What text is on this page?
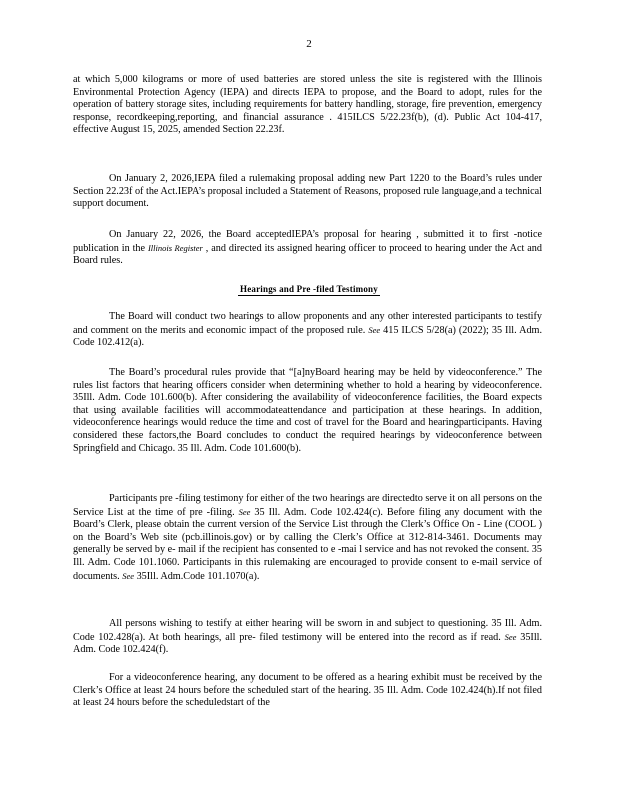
2

at which 5,000 kilograms or more of used batteries are stored unless the site is registered with the Illinois Environmental Protection Agency (IEPA) and directs IEPA to propose, and the Board to adopt, rules for the operation of battery storage sites, including requirements for battery handling, storage, fire prevention, emergency response, recordkeeping,reporting, and financial assurance . 415ILCS 5/22.23f(b), (d). Public Act 104-417, effective August 15, 2025, amended Section 22.23f.

On January 2, 2026,IEPA filed a rulemaking proposal adding new Part 1220 to the Board’s rules under Section 22.23f of the Act.IEPA’s proposal included a Statement of Reasons, proposed rule language,and a technical support document.

On January 22, 2026, the Board acceptedIEPA’s proposal for hearing , submitted it to first -notice publication in the Illinois Register , and directed its assigned hearing officer to proceed to hearing under the Act and Board rules.

Hearings and Pre -filed Testimony

The Board will conduct two hearings to allow proponents and any other interested participants to testify and comment on the merits and economic impact of the proposed rule. See 415 ILCS 5/28(a) (2022); 35 Ill. Adm. Code 102.412(a).

The Board’s procedural rules provide that “[a]nyBoard hearing may be held by videoconference.” The rules list factors that hearing officers consider when determining whether to hold a hearing by videoconference. 35Ill. Adm. Code 101.600(b). After considering the availability of videoconference facilities, the Board expects that using available facilities will accommodateattendance and participation at these hearings. In addition, videoconference hearings would reduce the time and cost of travel for the Board and hearingparticipants. Having considered these factors,the Board concludes to conduct the required hearings by videoconference between Springfield and Chicago. 35 Ill. Adm. Code 101.600(b).

Participants pre -filing testimony for either of the two hearings are directedto serve it on all persons on the Service List at the time of pre -filing. See 35 Ill. Adm. Code 102.424(c). Before filing any document with the Board’s Clerk, please obtain the current version of the Service List through the Clerk’s Office On - Line (COOL ) on the Board’s Web site (pcb.illinois.gov) or by calling the Clerk’s Office at 312-814-3461. Documents may generally be served by e- mail if the recipient has consented to e -mai l service and has not revoked the consent. 35 Ill. Adm. Code 101.1060. Participants in this rulemaking are encouraged to provide consent to e-mail service of documents. See 35Ill. Adm.Code 101.1070(a).

All persons wishing to testify at either hearing will be sworn in and subject to questioning. 35 Ill. Adm. Code 102.428(a). At both hearings, all pre- filed testimony will be entered into the record as if read. See 35Ill. Adm. Code 102.424(f).

For a videoconference hearing, any document to be offered as a hearing exhibit must be received by the Clerk’s Office at least 24 hours before the scheduled start of the hearing. 35 Ill. Adm. Code 102.424(h).If not filed at least 24 hours before the scheduledstart of the
